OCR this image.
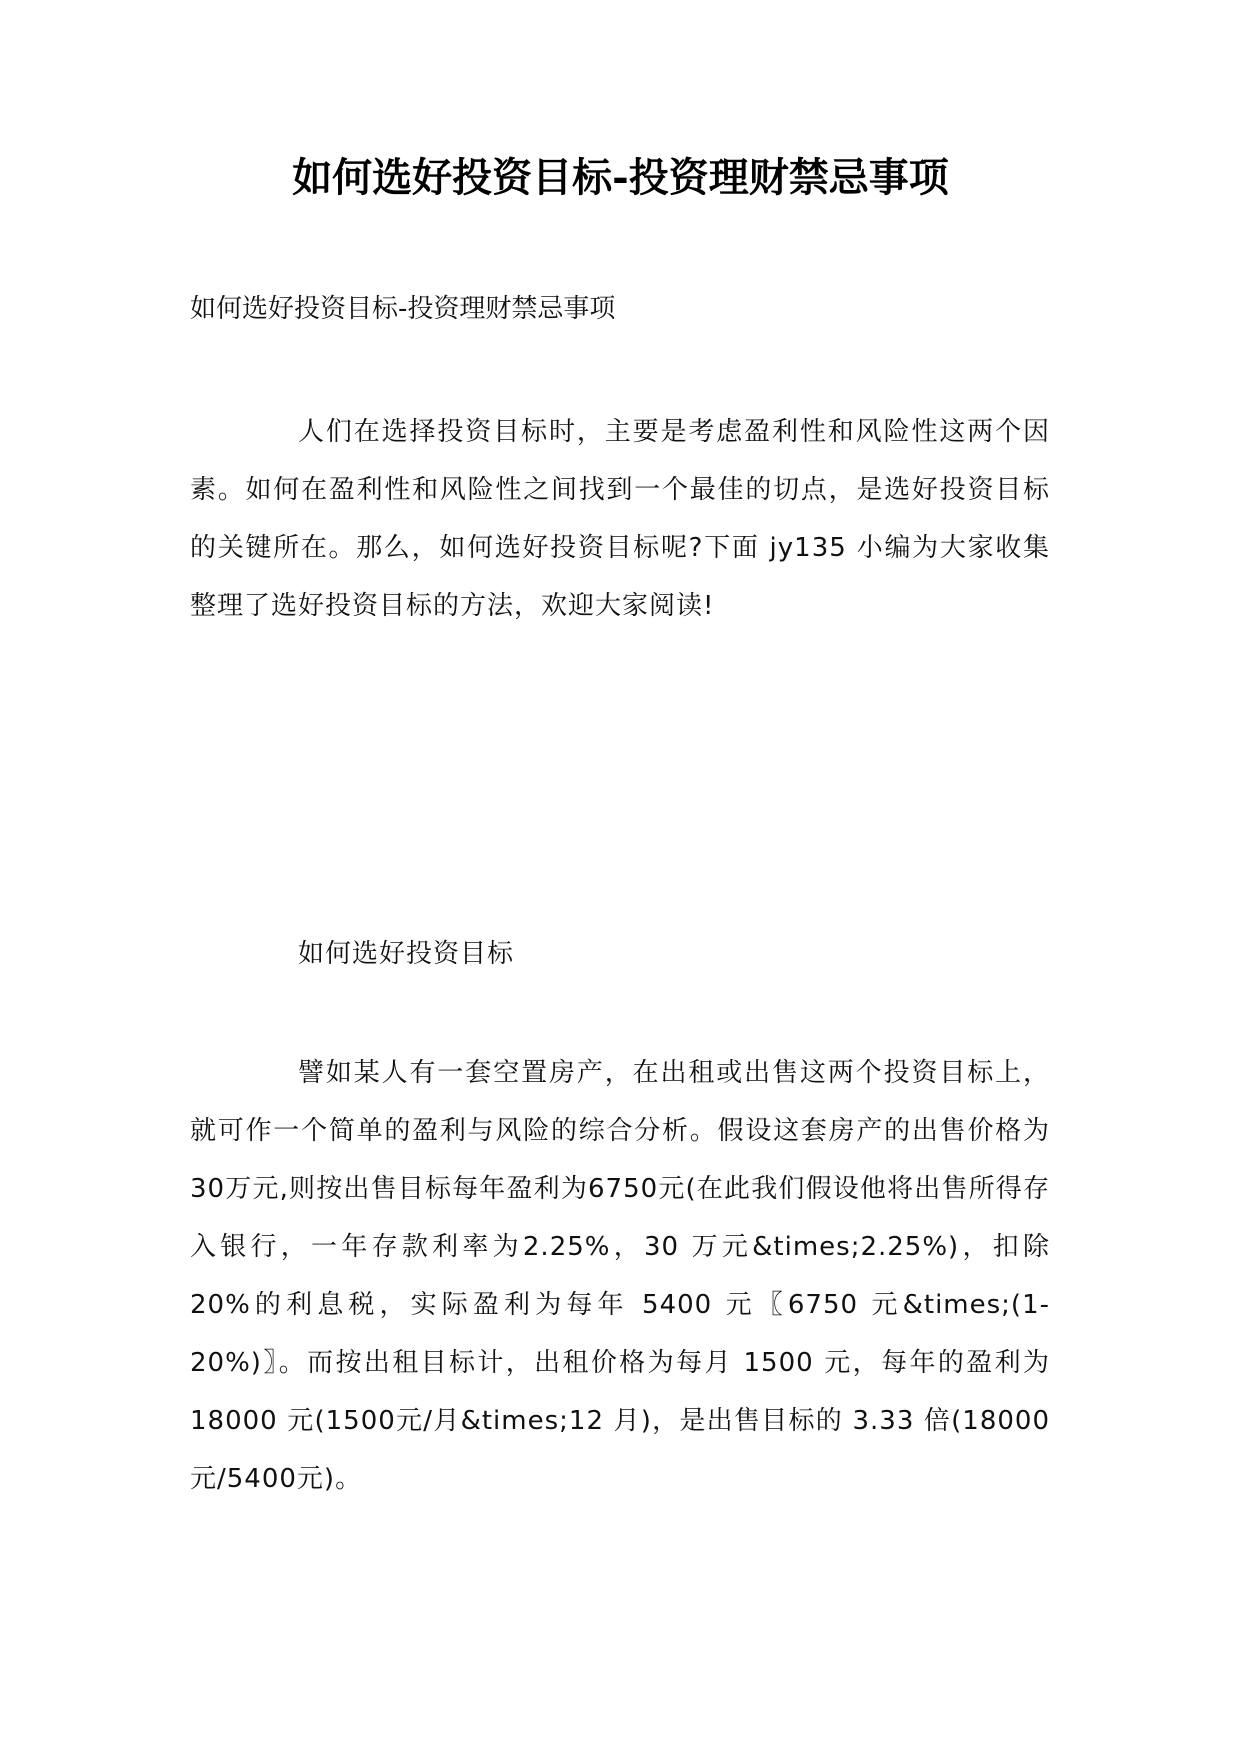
如何选好投资目标-投资理财禁忌事项

如何选好投资目标-投资理财禁忌事项

人们在选择投资目标时，主要是考虑盈利性和风险性这两个因素。如何在盈利性和风险性之间找到一个最佳的切点，是选好投资目标的关键所在。那么，如何选好投资目标呢?下面 jy135 小编为大家收集整理了选好投资目标的方法，欢迎大家阅读!

如何选好投资目标

譬如某人有一套空置房产，在出租或出售这两个投资目标上，就可作一个简单的盈利与风险的综合分析。假设这套房产的出售价格为30万元,则按出售目标每年盈利为6750元(在此我们假设他将出售所得存入银行，一年存款利率为2.25%，30 万元&times;2.25%)，扣除 20%的利息税，实际盈利为每年 5400 元〖6750 元&times;(1-20%)〗。而按出租目标计，出租价格为每月 1500 元，每年的盈利为 18000 元(1500元/月&times;12 月)，是出售目标的 3.33 倍(18000 元/5400元)。
